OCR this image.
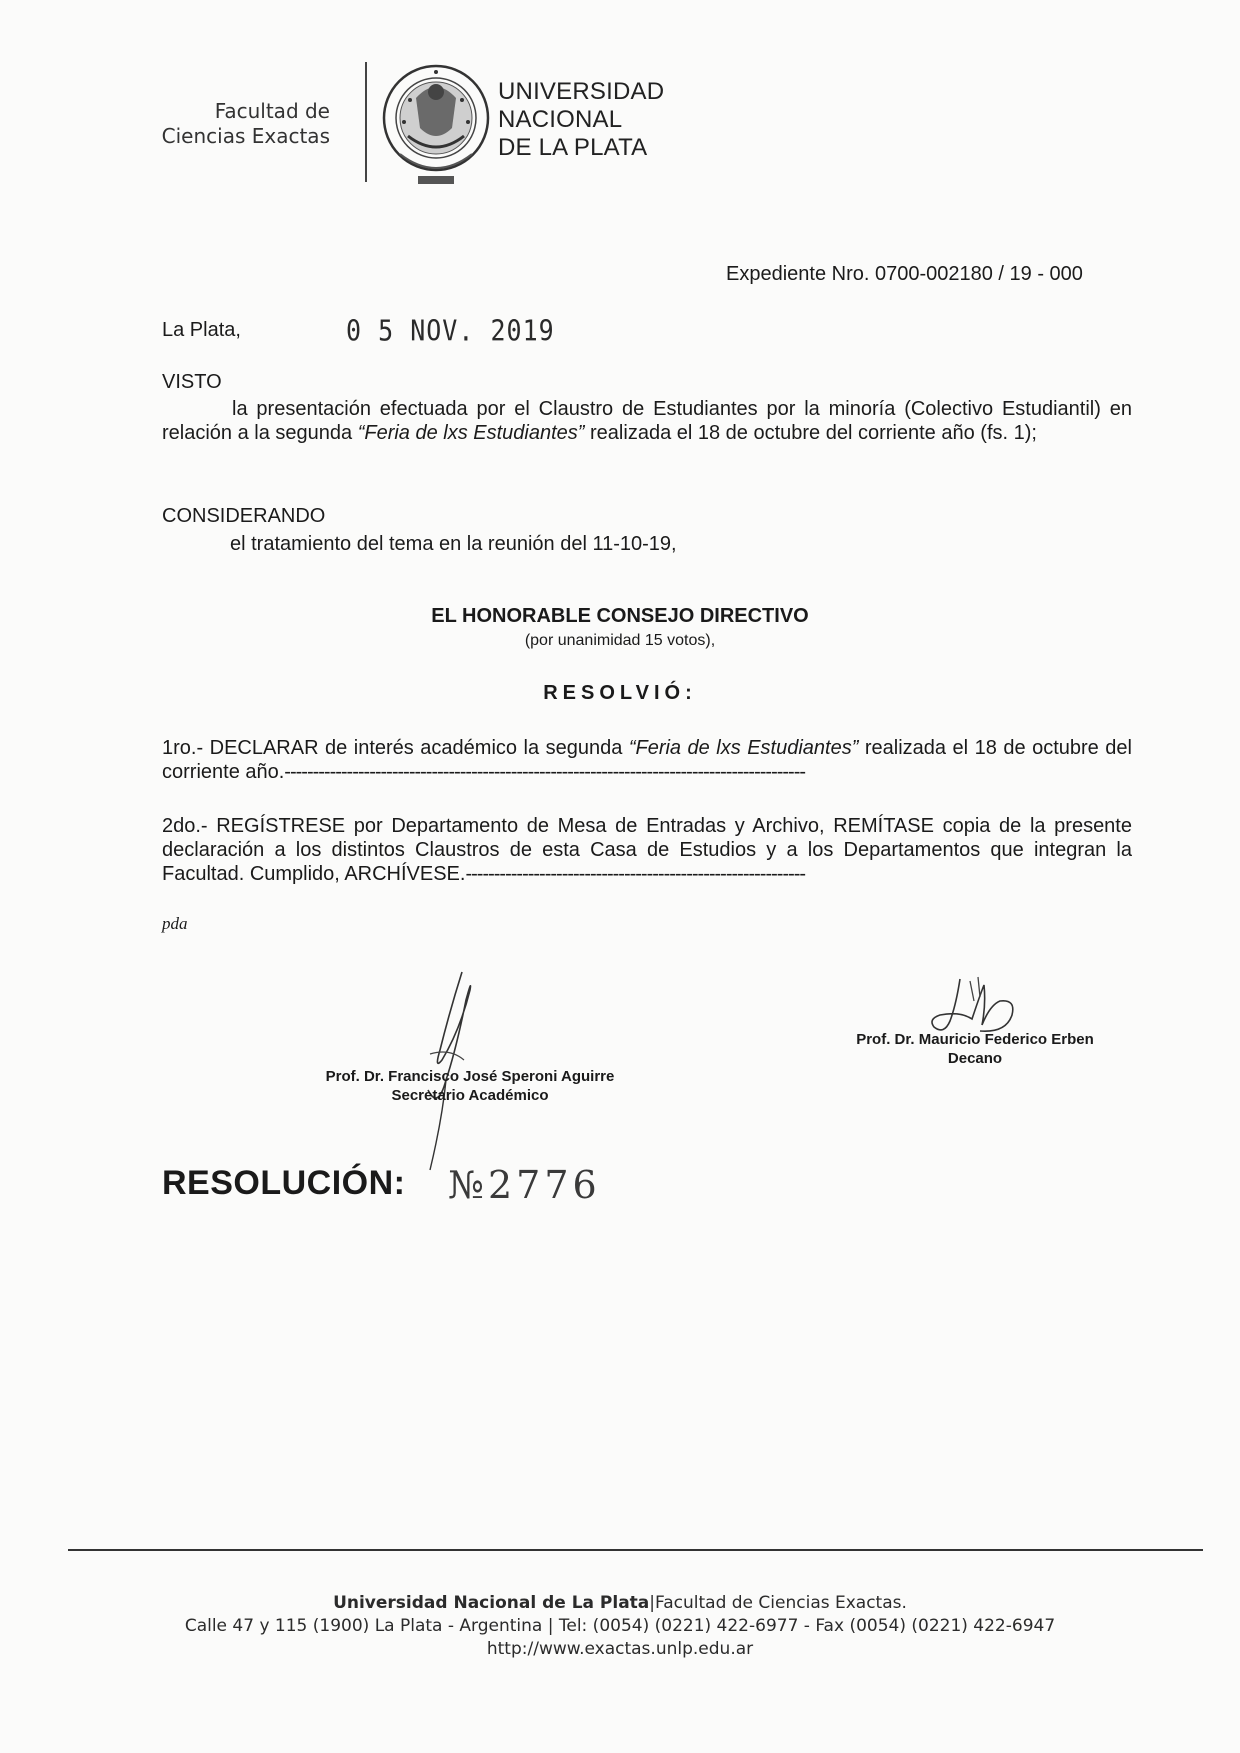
Facultad de
Ciencias Exactas
UNIVERSIDAD
NACIONAL
DE LA PLATA
Expediente Nro. 0700-002180 / 19 - 000
La Plata,	0 5 NOV. 2019
VISTO
la presentación efectuada por el Claustro de Estudiantes por la minoría (Colectivo Estudiantil) en relación a la segunda “Feria de lxs Estudiantes” realizada el 18 de octubre del corriente año (fs. 1);
CONSIDERANDO
el tratamiento del tema en la reunión del 11-10-19,
EL HONORABLE CONSEJO DIRECTIVO
(por unanimidad 15 votos),
RESOLVIÓ:
1ro.- DECLARAR de interés académico la segunda “Feria de lxs Estudiantes” realizada el 18 de octubre del corriente año.--------------------------------------------------------------------------------------------
2do.- REGÍSTRESE por Departamento de Mesa de Entradas y Archivo, REMÍTASE copia de la presente declaración a los distintos Claustros de esta Casa de Estudios y a los Departamentos que integran la Facultad. Cumplido, ARCHÍVESE.------------------------------------------------------------
pda
Prof. Dr. Francisco José Speroni Aguirre
Secretario Académico
Prof. Dr. Mauricio Federico Erben
Decano
RESOLUCIÓN: №2776
Universidad Nacional de La Plata|Facultad de Ciencias Exactas.
Calle 47 y 115 (1900) La Plata - Argentina | Tel: (0054) (0221) 422-6977 - Fax (0054) (0221) 422-6947
http://www.exactas.unlp.edu.ar
